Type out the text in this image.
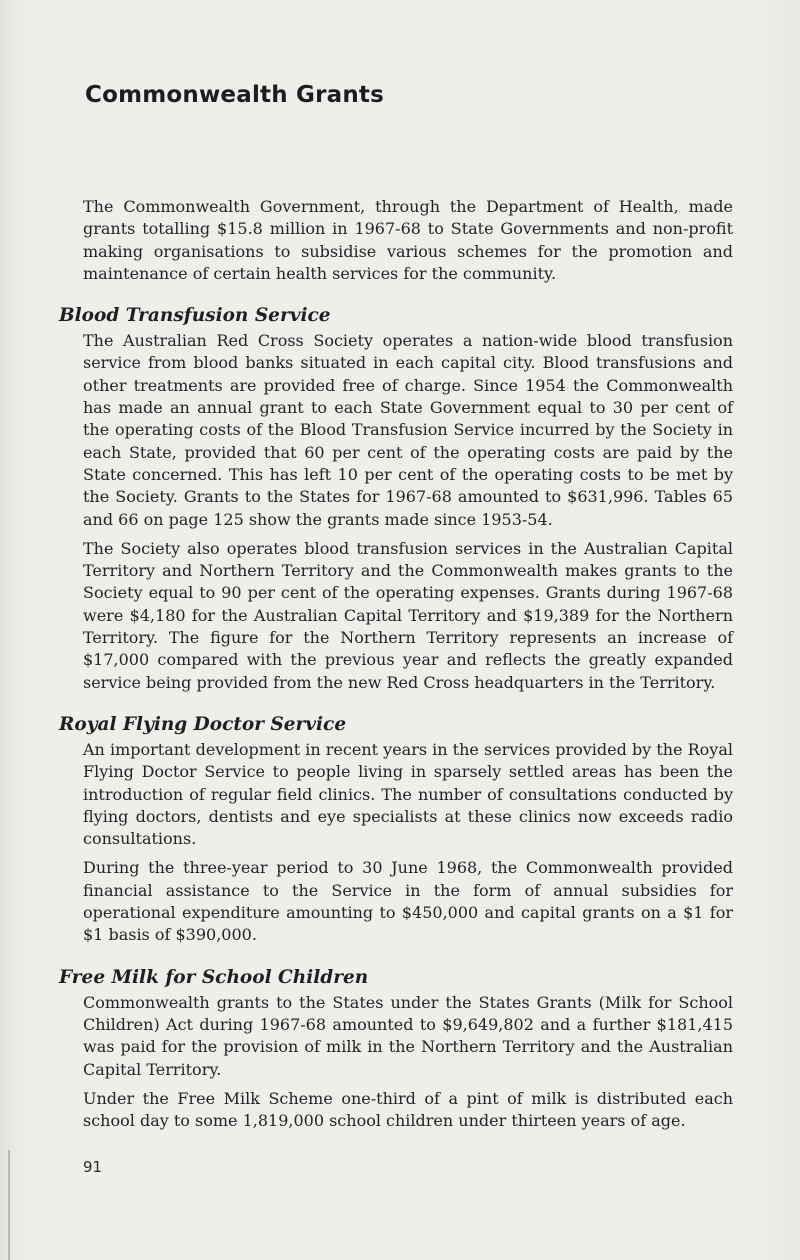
Commonwealth Grants

The Commonwealth Government, through the Department of Health, made grants totalling $15.8 million in 1967-68 to State Governments and non-profit making organisations to subsidise various schemes for the promotion and maintenance of certain health services for the community.

Blood Transfusion Service

The Australian Red Cross Society operates a nation-wide blood transfusion service from blood banks situated in each capital city. Blood transfusions and other treatments are provided free of charge. Since 1954 the Commonwealth has made an annual grant to each State Government equal to 30 per cent of the operating costs of the Blood Transfusion Service incurred by the Society in each State, provided that 60 per cent of the operating costs are paid by the State concerned. This has left 10 per cent of the operating costs to be met by the Society. Grants to the States for 1967-68 amounted to $631,996. Tables 65 and 66 on page 125 show the grants made since 1953-54.

The Society also operates blood transfusion services in the Australian Capital Territory and Northern Territory and the Commonwealth makes grants to the Society equal to 90 per cent of the operating expenses. Grants during 1967-68 were $4,180 for the Australian Capital Territory and $19,389 for the Northern Territory. The figure for the Northern Territory represents an increase of $17,000 compared with the previous year and reflects the greatly expanded service being provided from the new Red Cross headquarters in the Territory.

Royal Flying Doctor Service

An important development in recent years in the services provided by the Royal Flying Doctor Service to people living in sparsely settled areas has been the introduction of regular field clinics. The number of consultations conducted by flying doctors, dentists and eye specialists at these clinics now exceeds radio consultations.

During the three-year period to 30 June 1968, the Commonwealth provided financial assistance to the Service in the form of annual subsidies for operational expenditure amounting to $450,000 and capital grants on a $1 for $1 basis of $390,000.

Free Milk for School Children

Commonwealth grants to the States under the States Grants (Milk for School Children) Act during 1967-68 amounted to $9,649,802 and a further $181,415 was paid for the provision of milk in the Northern Territory and the Australian Capital Territory.

Under the Free Milk Scheme one-third of a pint of milk is distributed each school day to some 1,819,000 school children under thirteen years of age.

91
